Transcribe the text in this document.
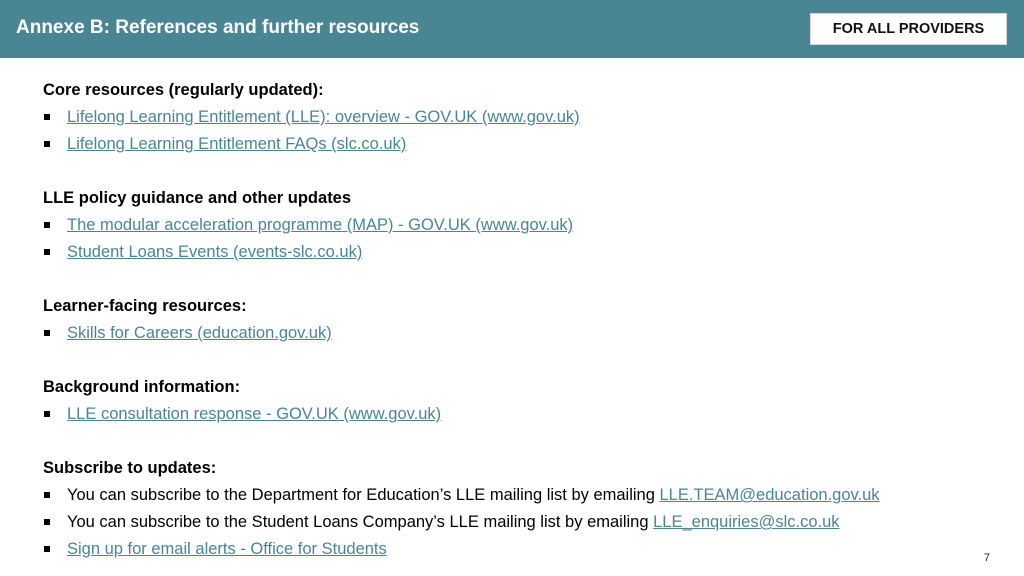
Annexe B: References and further resources	FOR ALL PROVIDERS
Core resources (regularly updated):
Lifelong Learning Entitlement (LLE): overview - GOV.UK (www.gov.uk)
Lifelong Learning Entitlement FAQs (slc.co.uk)
LLE policy guidance and other updates
The modular acceleration programme (MAP) - GOV.UK (www.gov.uk)
Student Loans Events (events-slc.co.uk)
Learner-facing resources:
Skills for Careers (education.gov.uk)
Background information:
LLE consultation response - GOV.UK (www.gov.uk)
Subscribe to updates:
You can subscribe to the Department for Education’s LLE mailing list by emailing LLE.TEAM@education.gov.uk
You can subscribe to the Student Loans Company’s LLE mailing list by emailing LLE_enquiries@slc.co.uk
Sign up for email alerts - Office for Students	7
